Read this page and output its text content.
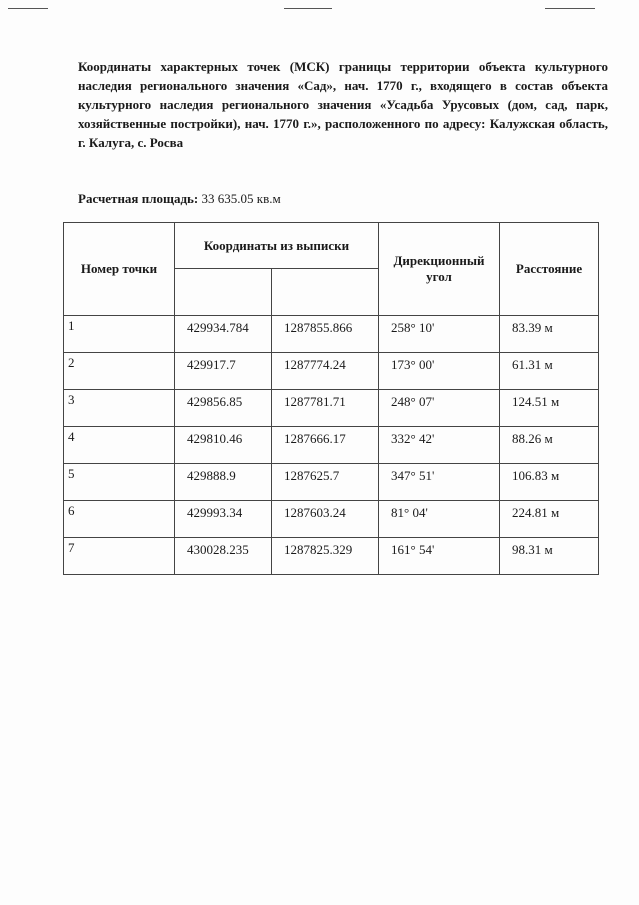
Координаты характерных точек (МСК) границы территории объекта культурного наследия регионального значения «Сад», нач. 1770 г., входящего в состав объекта культурного наследия регионального значения «Усадьба Урусовых (дом, сад, парк, хозяйственные постройки), нач. 1770 г.», расположенного по адресу: Калужская область, г. Калуга, с. Росва
Расчетная площадь: 33 635.05 кв.м
Номер точки	Координаты из выписки		Дирекционный угол	Расстояние

1	429934.784	1287855.866	258° 10'	83.39 м
2	429917.7	1287774.24	173° 00'	61.31 м
3	429856.85	1287781.71	248° 07'	124.51 м
4	429810.46	1287666.17	332° 42'	88.26 м
5	429888.9	1287625.7	347° 51'	106.83 м
6	429993.34	1287603.24	81° 04'	224.81 м
7	430028.235	1287825.329	161° 54'	98.31 м
